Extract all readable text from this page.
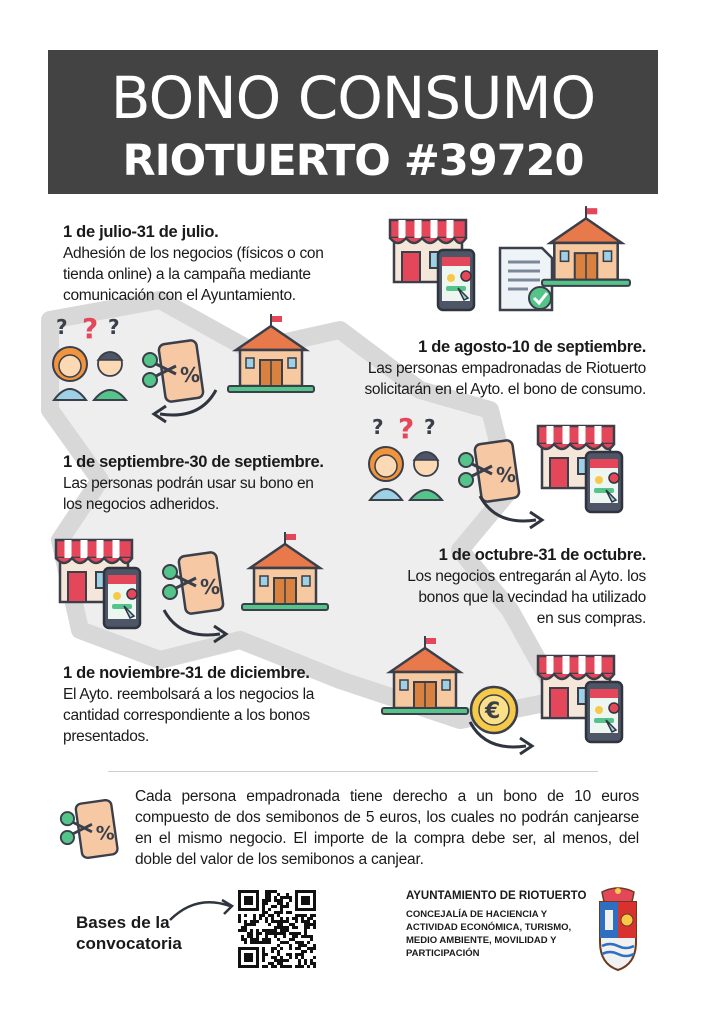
BONO CONSUMO
RIOTUERTO #39720
1 de julio-31 de julio.
Adhesión de los negocios (físicos o con
tienda online) a la campaña mediante
comunicación con el Ayuntamiento.
1 de agosto-10 de septiembre.
Las personas empadronadas de Riotuerto
solicitarán en el Ayto. el bono de consumo.
1 de septiembre-30 de septiembre.
Las personas podrán usar su bono en
los negocios adheridos.
1 de octubre-31 de octubre.
Los negocios entregarán al Ayto. los
bonos que la vecindad ha utilizado
en sus compras.
1 de noviembre-31 de diciembre.
El Ayto. reembolsará a los negocios la
cantidad correspondiente a los bonos
presentados.
€
Cada persona empadronada tiene derecho a un bono de 10 euros compuesto de dos semibonos de 5 euros, los cuales no podrán canjearse en el mismo negocio. El importe de la compra debe ser, al menos, del doble del valor de los semibonos a canjear.
Bases de la
convocatoria
AYUNTAMIENTO DE RIOTUERTO
CONCEJALÍA DE HACIENCIA Y
ACTIVIDAD ECONÓMICA, TURISMO,
MEDIO AMBIENTE, MOVILIDAD Y
PARTICIPACIÓN
